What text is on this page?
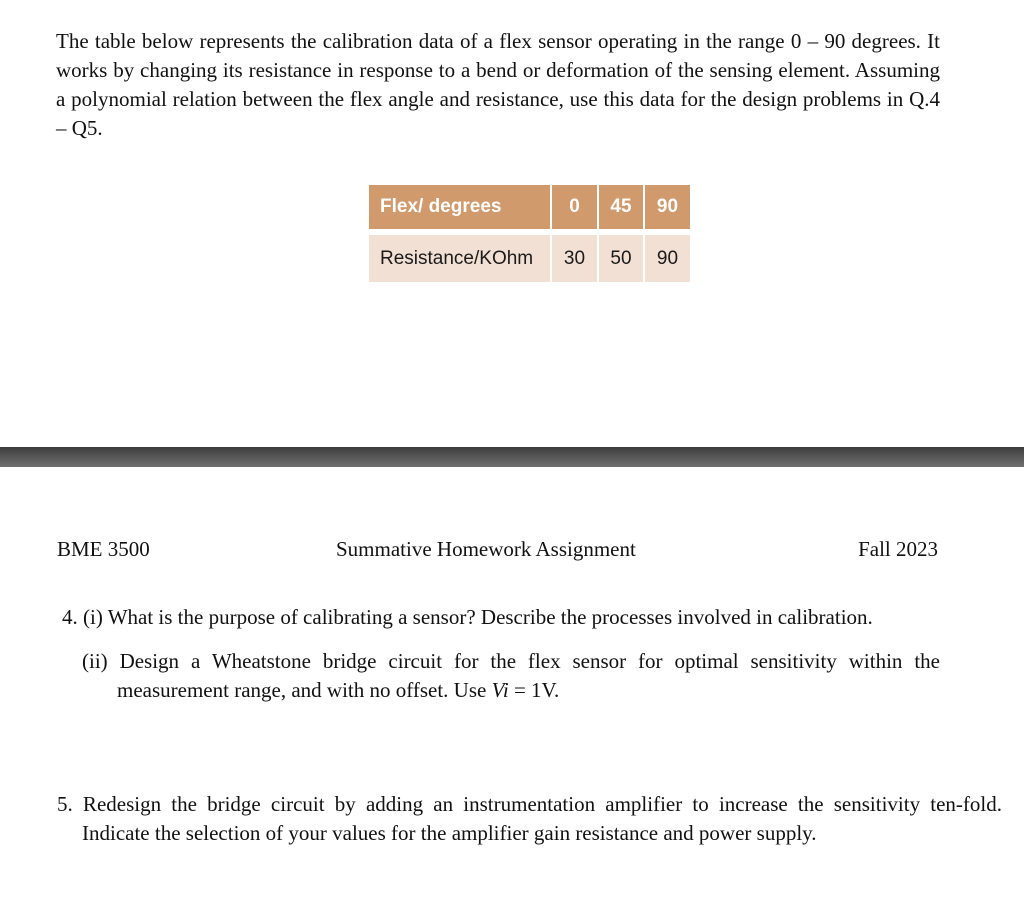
The table below represents the calibration data of a flex sensor operating in the range 0 – 90 degrees. It works by changing its resistance in response to a bend or deformation of the sensing element. Assuming a polynomial relation between the flex angle and resistance, use this data for the design problems in Q.4 – Q5.

Flex/ degrees	0	45	90
Resistance/KOhm	30	50	90
BME 3500	Summative Homework Assignment	Fall 2023

4. (i) What is the purpose of calibrating a sensor? Describe the processes involved in calibration.

(ii) Design a Wheatstone bridge circuit for the flex sensor for optimal sensitivity within the measurement range, and with no offset. Use Vi = 1V.

5. Redesign the bridge circuit by adding an instrumentation amplifier to increase the sensitivity ten-fold. Indicate the selection of your values for the amplifier gain resistance and power supply.
